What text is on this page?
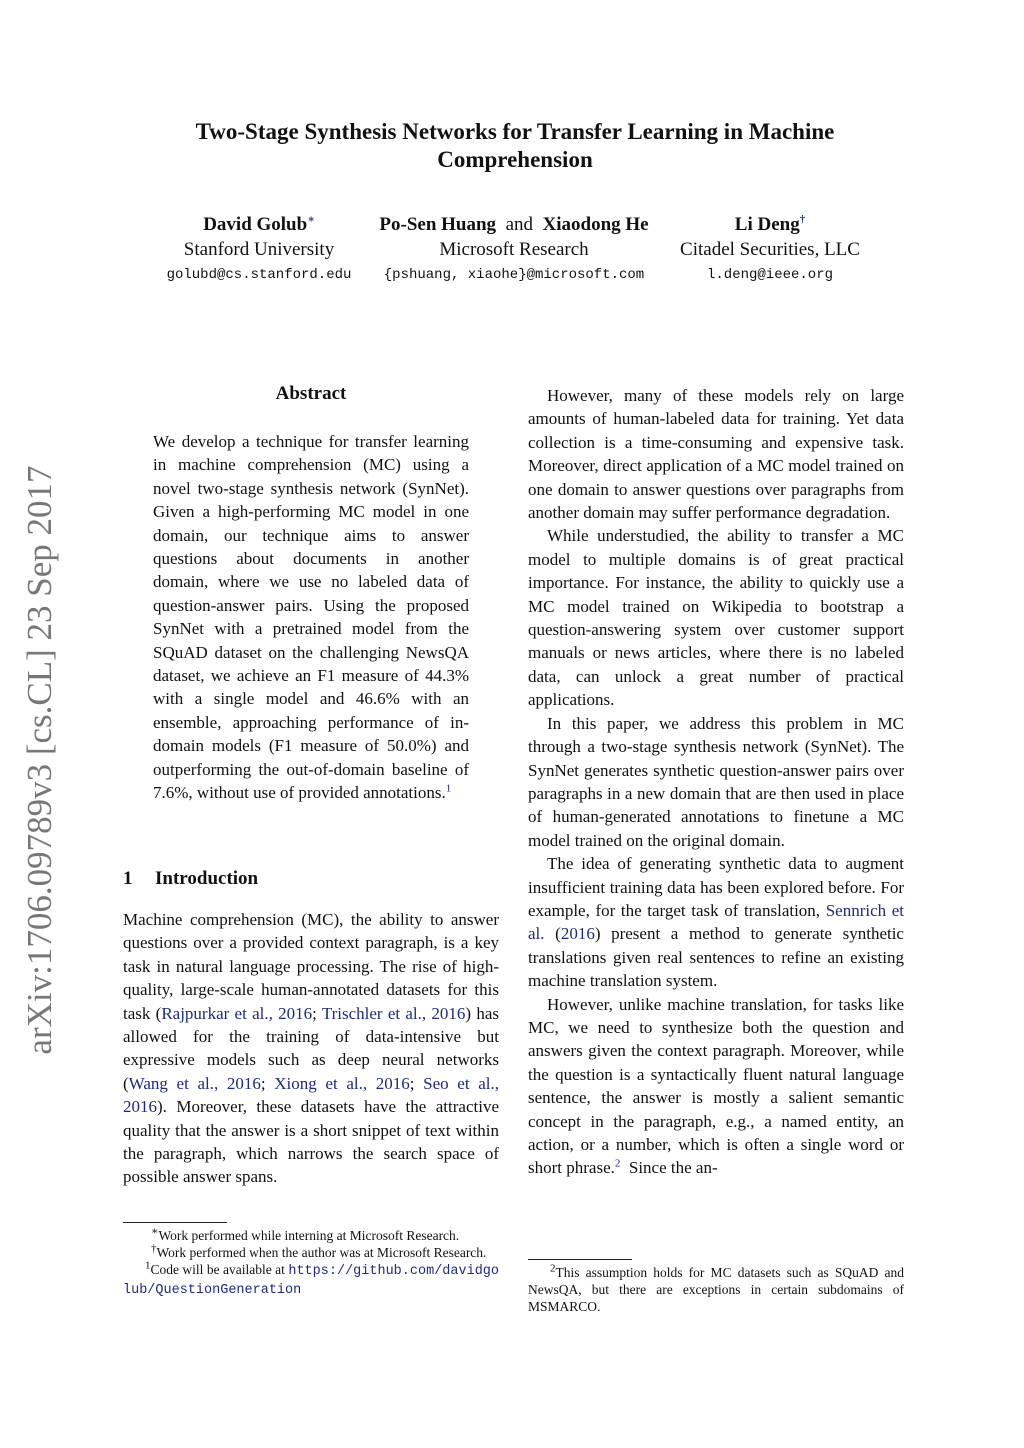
Two-Stage Synthesis Networks for Transfer Learning in Machine Comprehension
David Golub∗
Stanford University
golubd@cs.stanford.edu
Po-Sen Huang and Xiaodong He
Microsoft Research
{pshuang, xiaohe}@microsoft.com
Li Deng†
Citadel Securities, LLC
l.deng@ieee.org
arXiv:1706.09789v3 [cs.CL] 23 Sep 2017
Abstract

We develop a technique for transfer learning in machine comprehension (MC) using a novel two-stage synthesis network (SynNet). Given a high-performing MC model in one domain, our technique aims to answer questions about documents in another domain, where we use no labeled data of question-answer pairs. Using the proposed SynNet with a pretrained model from the SQuAD dataset on the challenging NewsQA dataset, we achieve an F1 measure of 44.3% with a single model and 46.6% with an ensemble, approaching performance of in-domain models (F1 measure of 50.0%) and outperforming the out-of-domain baseline of 7.6%, without use of provided annotations.$^1$

1 Introduction

Machine comprehension (MC), the ability to answer questions over a provided context paragraph, is a key task in natural language processing. The rise of high-quality, large-scale human-annotated datasets for this task (Rajpurkar et al., 2016; Trischler et al., 2016) has allowed for the training of data-intensive but expressive models such as deep neural networks (Wang et al., 2016; Xiong et al., 2016; Seo et al., 2016). Moreover, these datasets have the attractive quality that the answer is a short snippet of text within the paragraph, which narrows the search space of possible answer spans.

∗Work performed while interning at Microsoft Research.
†Work performed when the author was at Microsoft Research.
$^1$Code will be available at https://github.com/davidgolub/QuestionGeneration

However, many of these models rely on large amounts of human-labeled data for training. Yet data collection is a time-consuming and expensive task. Moreover, direct application of a MC model trained on one domain to answer questions over paragraphs from another domain may suffer performance degradation.

While understudied, the ability to transfer a MC model to multiple domains is of great practical importance. For instance, the ability to quickly use a MC model trained on Wikipedia to bootstrap a question-answering system over customer support manuals or news articles, where there is no labeled data, can unlock a great number of practical applications.

In this paper, we address this problem in MC through a two-stage synthesis network (SynNet). The SynNet generates synthetic question-answer pairs over paragraphs in a new domain that are then used in place of human-generated annotations to finetune a MC model trained on the original domain.

The idea of generating synthetic data to augment insufficient training data has been explored before. For example, for the target task of translation, Sennrich et al. (2016) present a method to generate synthetic translations given real sentences to refine an existing machine translation system.

However, unlike machine translation, for tasks like MC, we need to synthesize both the question and answers given the context paragraph. Moreover, while the question is a syntactically fluent natural language sentence, the answer is mostly a salient semantic concept in the paragraph, e.g., a named entity, an action, or a number, which is often a single word or short phrase.$^2$  Since the an-

$^2$This assumption holds for MC datasets such as SQuAD and NewsQA, but there are exceptions in certain subdomains of MSMARCO.
